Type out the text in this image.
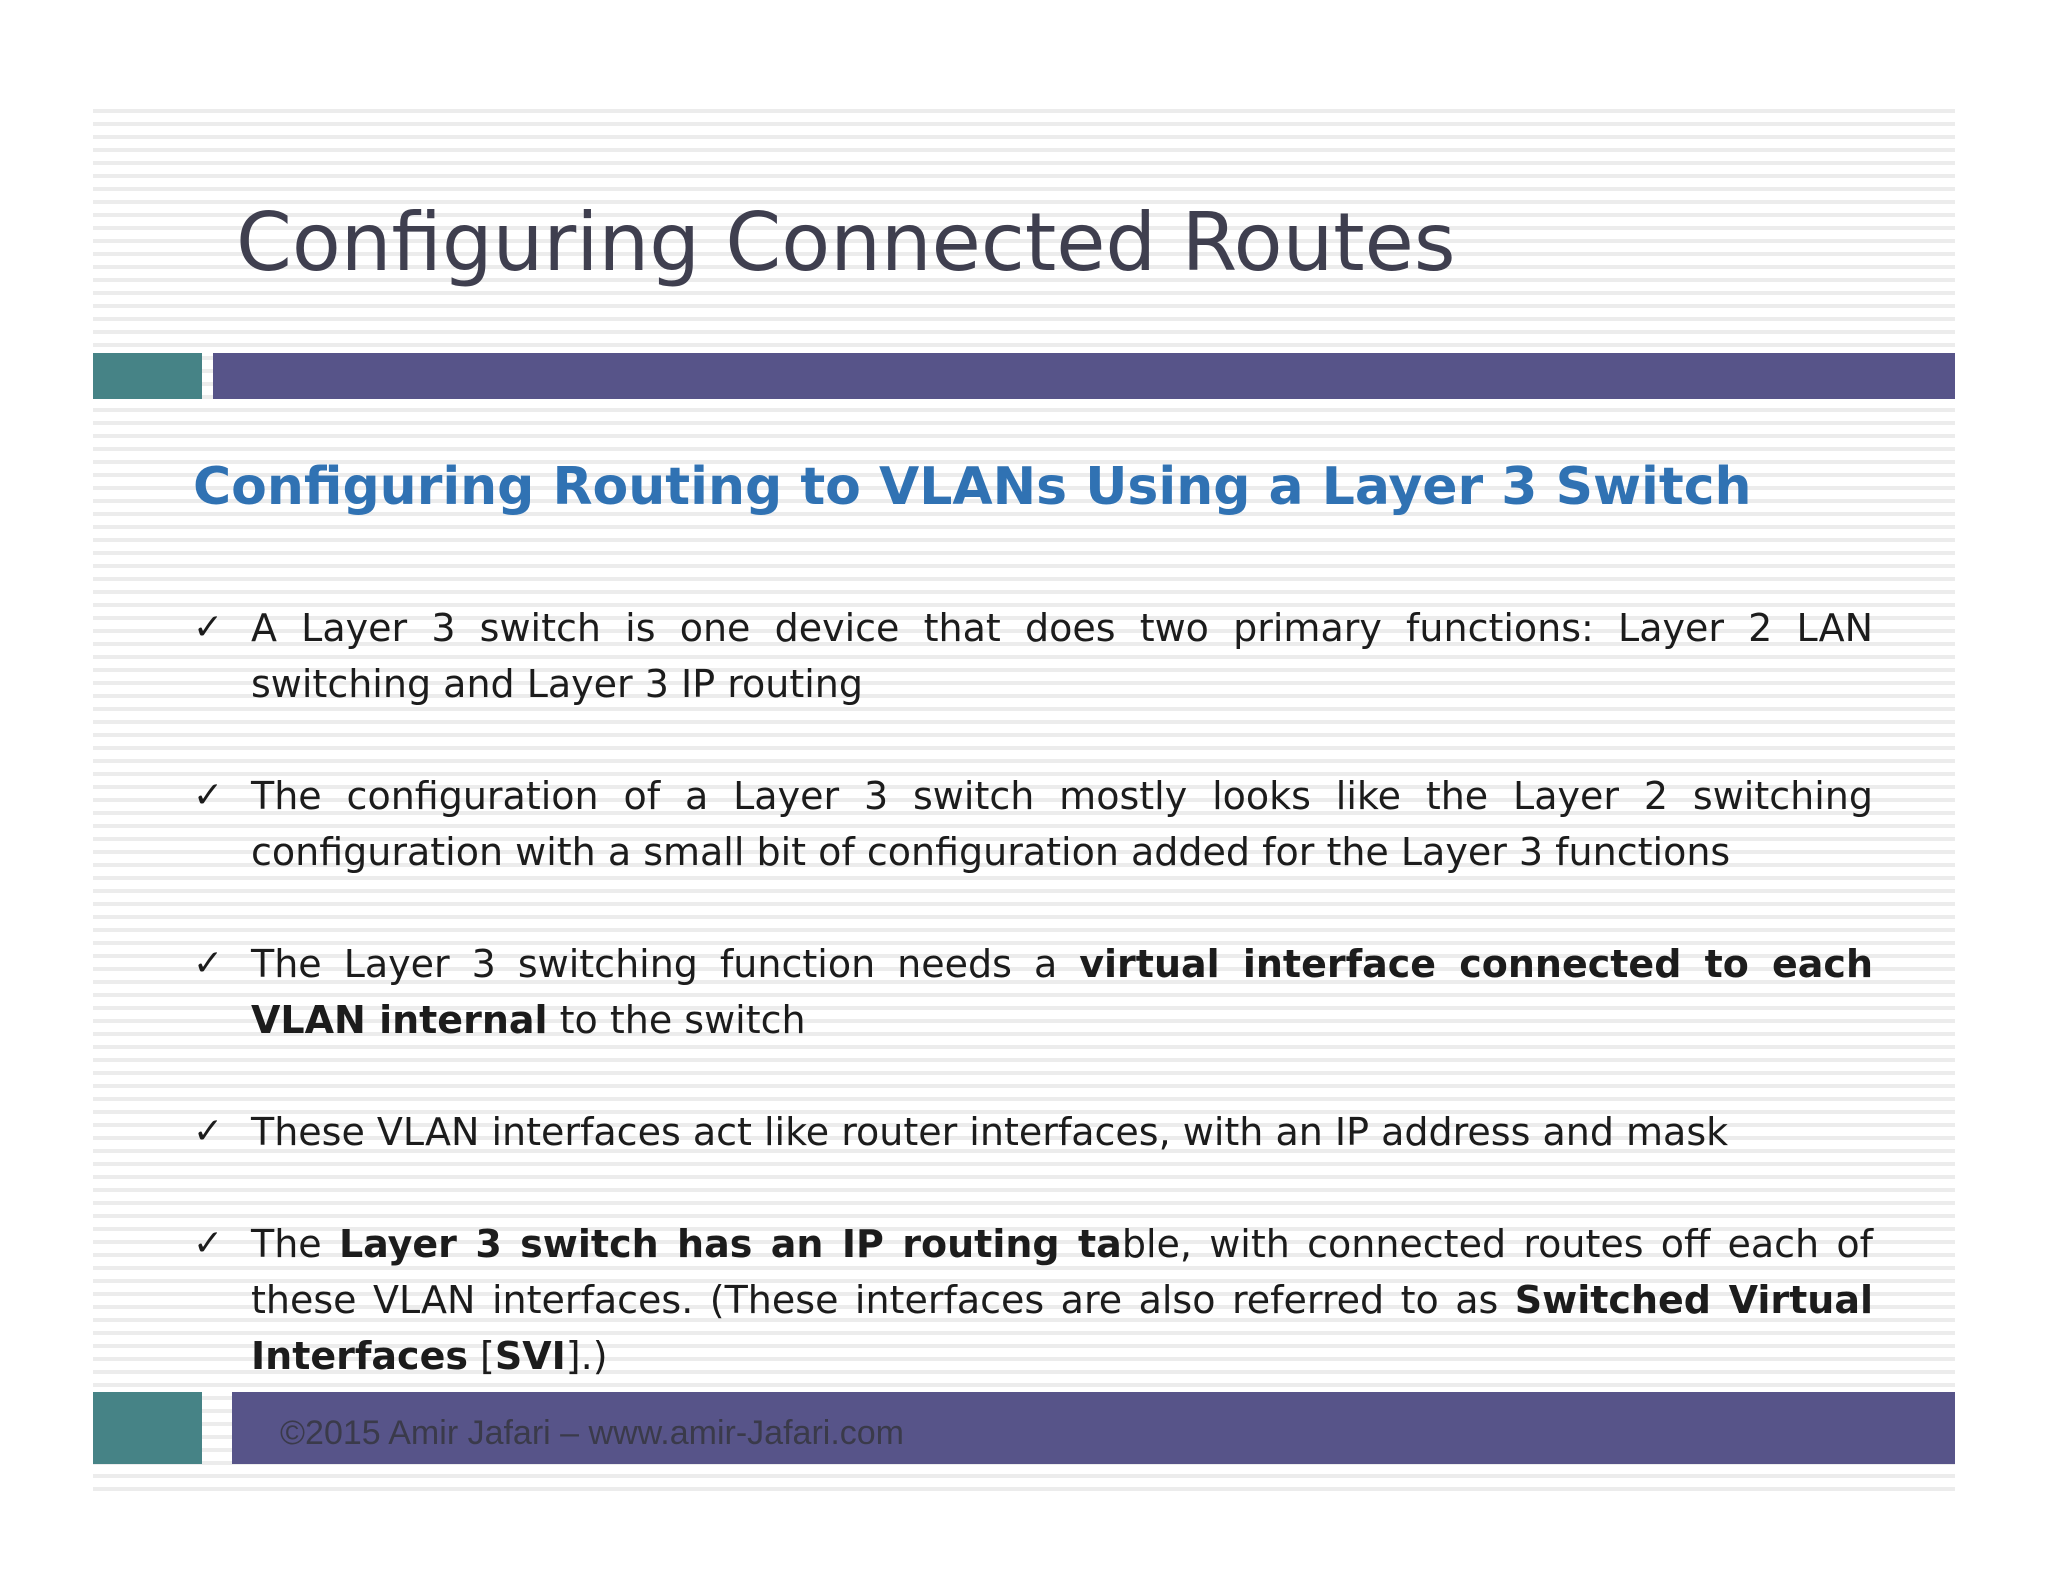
Configuring Connected Routes
Configuring Routing to VLANs Using a Layer 3 Switch
✓ A Layer 3 switch is one device that does two primary functions: Layer 2 LAN switching and Layer 3 IP routing
✓ The configuration of a Layer 3 switch mostly looks like the Layer 2 switching configuration with a small bit of configuration added for the Layer 3 functions
✓ The Layer 3 switching function needs a virtual interface connected to each VLAN internal to the switch
✓ These VLAN interfaces act like router interfaces, with an IP address and mask
✓ The Layer 3 switch has an IP routing table, with connected routes off each of these VLAN interfaces. (These interfaces are also referred to as Switched Virtual Interfaces [SVI].)
©2015 Amir Jafari – www.amir-Jafari.com
